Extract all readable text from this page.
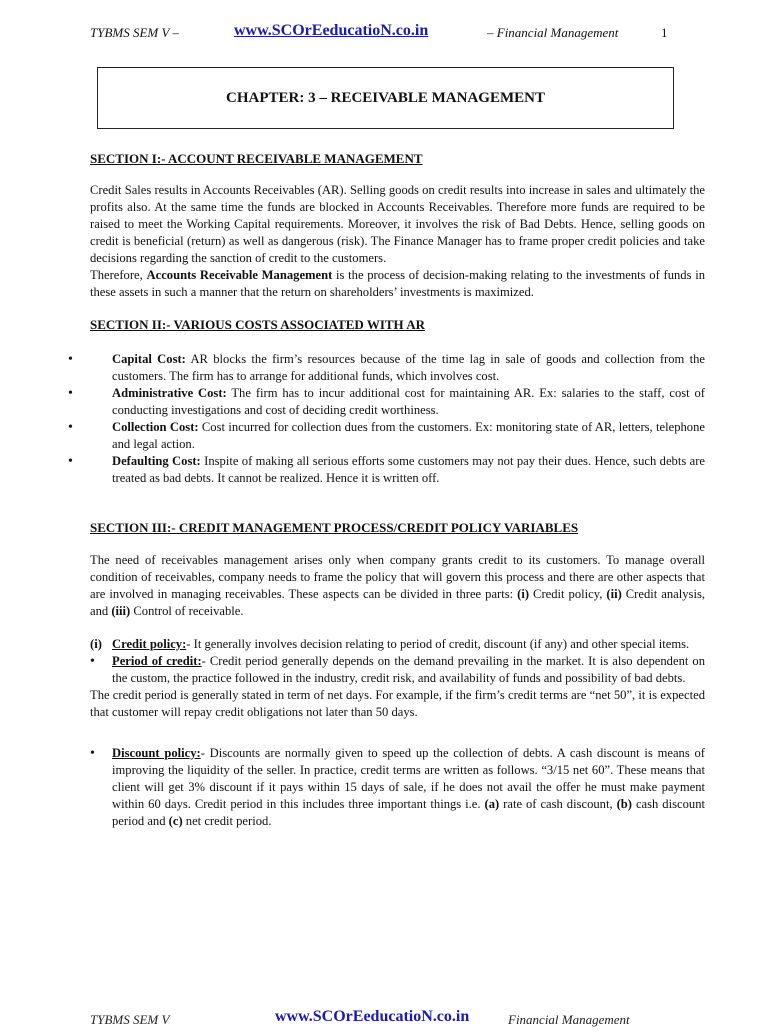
TYBMS SEM V –	www.SCOrEeducatioN.co.in	– Financial Management	1
CHAPTER: 3 – RECEIVABLE MANAGEMENT

SECTION I:- ACCOUNT RECEIVABLE MANAGEMENT

Credit Sales results in Accounts Receivables (AR). Selling goods on credit results into increase in sales and ultimately the profits also. At the same time the funds are blocked in Accounts Receivables. Therefore more funds are required to be raised to meet the Working Capital requirements. Moreover, it involves the risk of Bad Debts. Hence, selling goods on credit is beneficial (return) as well as dangerous (risk). The Finance Manager has to frame proper credit policies and take decisions regarding the sanction of credit to the customers.

Therefore, Accounts Receivable Management is the process of decision-making relating to the investments of funds in these assets in such a manner that the return on shareholders’ investments is maximized.

SECTION II:- VARIOUS COSTS ASSOCIATED WITH AR

• Capital Cost: AR blocks the firm’s resources because of the time lag in sale of goods and collection from the customers. The firm has to arrange for additional funds, which involves cost.
• Administrative Cost: The firm has to incur additional cost for maintaining AR. Ex: salaries to the staff, cost of conducting investigations and cost of deciding credit worthiness.
• Collection Cost: Cost incurred for collection dues from the customers. Ex: monitoring state of AR, letters, telephone and legal action.
• Defaulting Cost: Inspite of making all serious efforts some customers may not pay their dues. Hence, such debts are treated as bad debts. It cannot be realized. Hence it is written off.

SECTION III:- CREDIT MANAGEMENT PROCESS/CREDIT POLICY VARIABLES

The need of receivables management arises only when company grants credit to its customers. To manage overall condition of receivables, company needs to frame the policy that will govern this process and there are other aspects that are involved in managing receivables. These aspects can be divided in three parts: (i) Credit policy, (ii) Credit analysis, and (iii) Control of receivable.

(i) Credit policy:- It generally involves decision relating to period of credit, discount (if any) and other special items.
• Period of credit:- Credit period generally depends on the demand prevailing in the market. It is also dependent on the custom, the practice followed in the industry, credit risk, and availability of funds and possibility of bad debts.

The credit period is generally stated in term of net days. For example, if the firm’s credit terms are “net 50”, it is expected that customer will repay credit obligations not later than 50 days.

• Discount policy:- Discounts are normally given to speed up the collection of debts. A cash discount is means of improving the liquidity of the seller. In practice, credit terms are written as follows. “3/15 net 60”. These means that client will get 3% discount if it pays within 15 days of sale, if he does not avail the offer he must make payment within 60 days. Credit period in this includes three important things i.e. (a) rate of cash discount, (b) cash discount period and (c) net credit period.
TYBMS SEM V	www.SCOrEeducatioN.co.in	Financial Management
